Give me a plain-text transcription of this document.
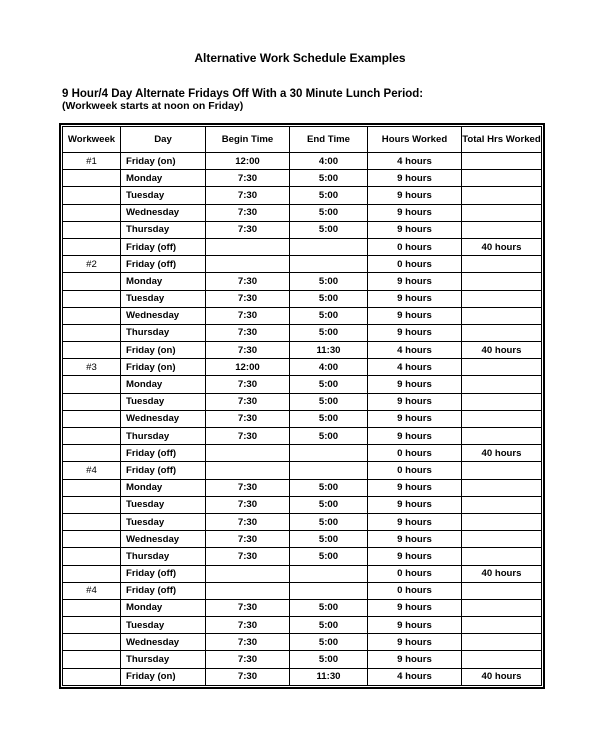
Alternative Work Schedule Examples
9 Hour/4 Day Alternate Fridays Off With a 30 Minute Lunch Period:
(Workweek starts at noon on Friday)
Workweek	Day	Begin Time	End Time	Hours Worked	Total Hrs Worked
#1	Friday (on)	12:00	4:00	4 hours	
	Monday	7:30	5:00	9 hours	
	Tuesday	7:30	5:00	9 hours	
	Wednesday	7:30	5:00	9 hours	
	Thursday	7:30	5:00	9 hours	
	Friday (off)			0 hours	40 hours
#2	Friday (off)			0 hours	
	Monday	7:30	5:00	9 hours	
	Tuesday	7:30	5:00	9 hours	
	Wednesday	7:30	5:00	9 hours	
	Thursday	7:30	5:00	9 hours	
	Friday (on)	7:30	11:30	4 hours	40 hours
#3	Friday (on)	12:00	4:00	4 hours	
	Monday	7:30	5:00	9 hours	
	Tuesday	7:30	5:00	9 hours	
	Wednesday	7:30	5:00	9 hours	
	Thursday	7:30	5:00	9 hours	
	Friday (off)			0 hours	40 hours
#4	Friday (off)			0 hours	
	Monday	7:30	5:00	9 hours	
	Tuesday	7:30	5:00	9 hours	
	Tuesday	7:30	5:00	9 hours	
	Wednesday	7:30	5:00	9 hours	
	Thursday	7:30	5:00	9 hours	
	Friday (off)			0 hours	40 hours
#4	Friday (off)			0 hours	
	Monday	7:30	5:00	9 hours	
	Tuesday	7:30	5:00	9 hours	
	Wednesday	7:30	5:00	9 hours	
	Thursday	7:30	5:00	9 hours	
	Friday (on)	7:30	11:30	4 hours	40 hours
